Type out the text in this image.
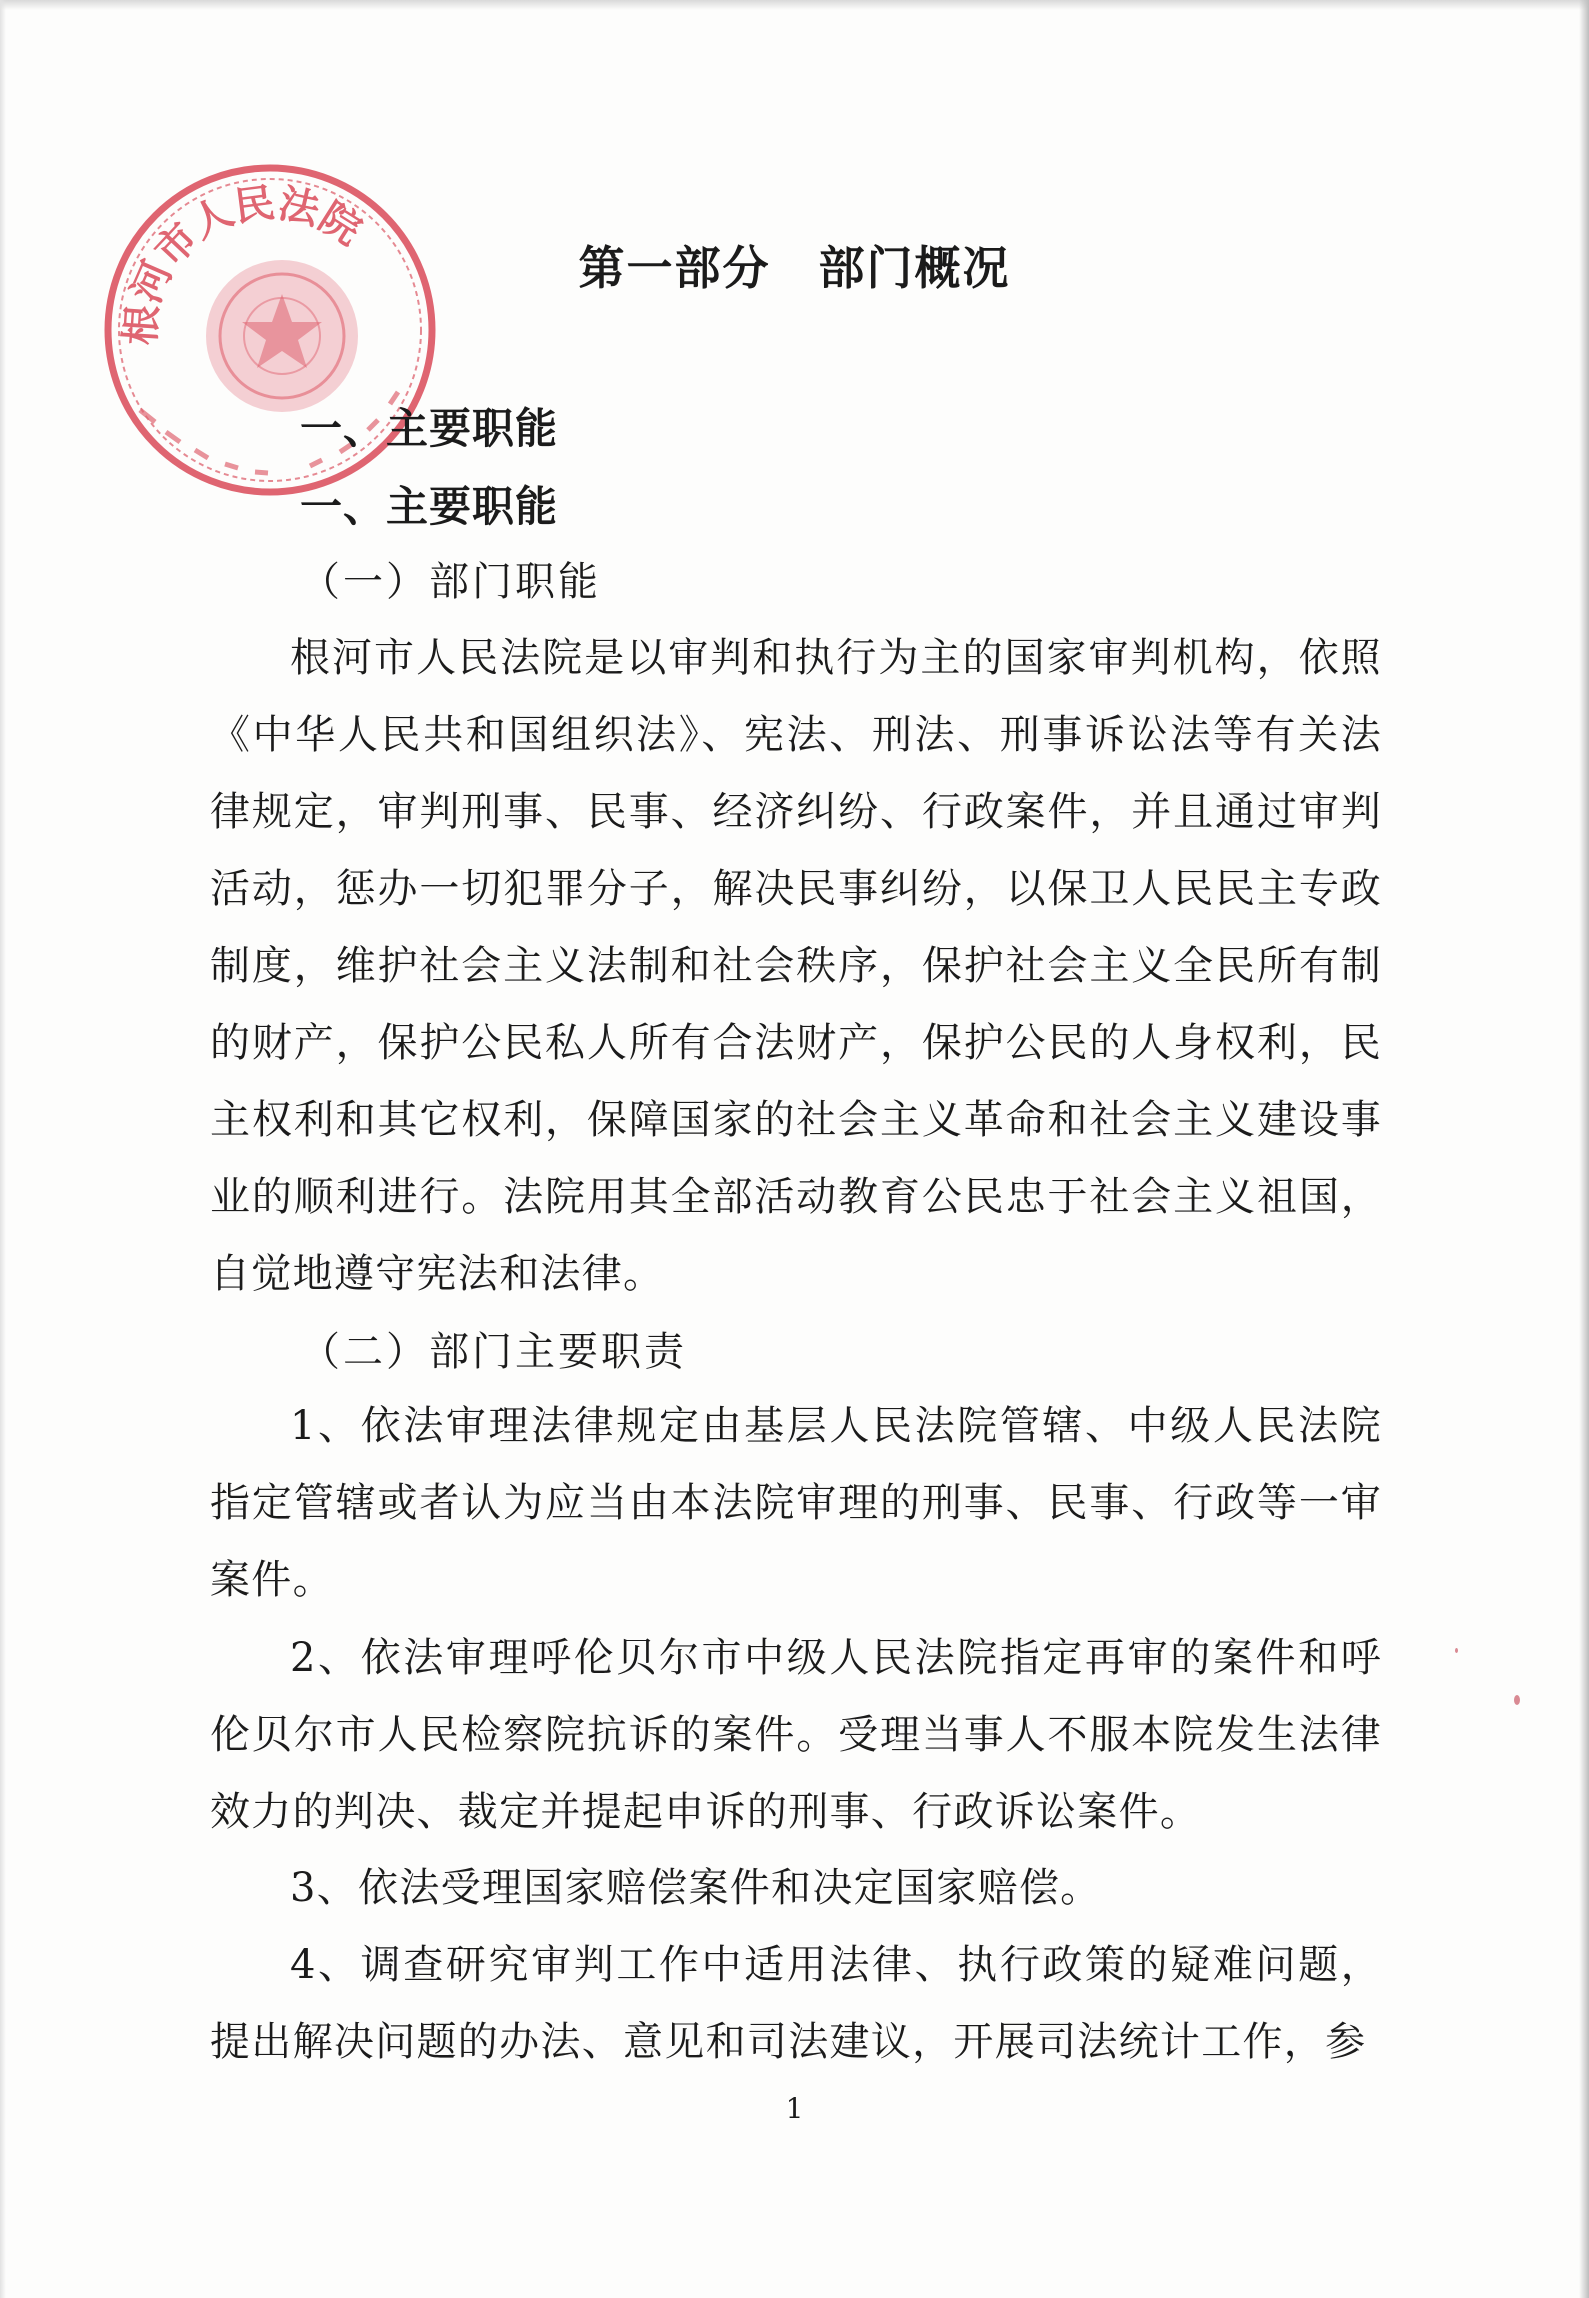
根河市人民法院
第一部分　部门概况
一、主要职能
一、主要职能
（一）部门职能

根河市人民法院是以审判和执行为主的国家审判机构，依照《中华人民共和国组织法》、宪法、刑法、刑事诉讼法等有关法律规定，审判刑事、民事、经济纠纷、行政案件，并且通过审判活动，惩办一切犯罪分子，解决民事纠纷，以保卫人民民主专政制度，维护社会主义法制和社会秩序，保护社会主义全民所有制的财产，保护公民私人所有合法财产，保护公民的人身权利，民主权利和其它权利，保障国家的社会主义革命和社会主义建设事业的顺利进行。法院用其全部活动教育公民忠于社会主义祖国，自觉地遵守宪法和法律。

（二）部门主要职责

1、依法审理法律规定由基层人民法院管辖、中级人民法院指定管辖或者认为应当由本法院审理的刑事、民事、行政等一审案件。

2、依法审理呼伦贝尔市中级人民法院指定再审的案件和呼伦贝尔市人民检察院抗诉的案件。受理当事人不服本院发生法律效力的判决、裁定并提起申诉的刑事、行政诉讼案件。

3、依法受理国家赔偿案件和决定国家赔偿。

4、调查研究审判工作中适用法律、执行政策的疑难问题，提出解决问题的办法、意见和司法建议，开展司法统计工作，参

1
